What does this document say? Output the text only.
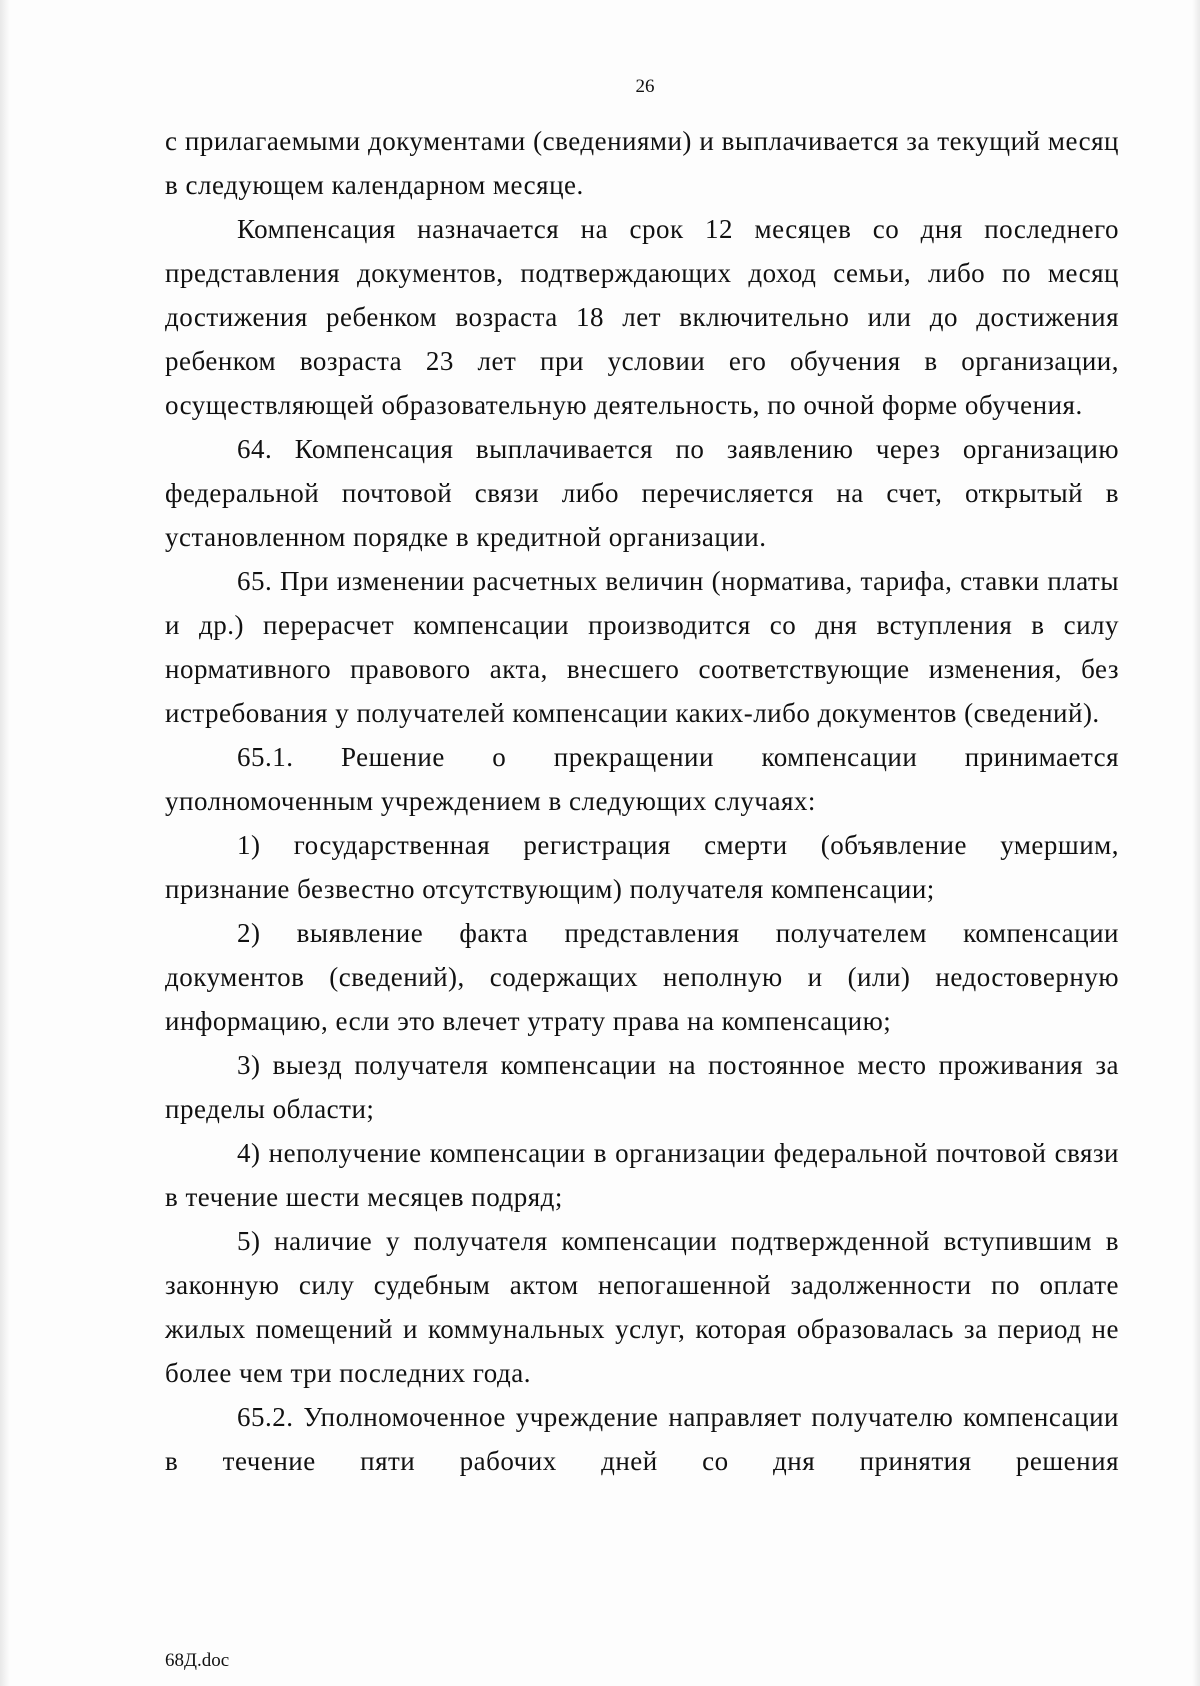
26

с прилагаемыми документами (сведениями) и выплачивается за текущий месяц в следующем календарном месяце.

Компенсация назначается на срок 12 месяцев со дня последнего представления документов, подтверждающих доход семьи, либо по месяц достижения ребенком возраста 18 лет включительно или до достижения ребенком возраста 23 лет при условии его обучения в организации, осуществляющей образовательную деятельность, по очной форме обучения.

64. Компенсация выплачивается по заявлению через организацию федеральной почтовой связи либо перечисляется на счет, открытый в установленном порядке в кредитной организации.

65. При изменении расчетных величин (норматива, тарифа, ставки платы и др.) перерасчет компенсации производится со дня вступления в силу нормативного правового акта, внесшего соответствующие изменения, без истребования у получателей компенсации каких-либо документов (сведений).

65.1. Решение о прекращении компенсации принимается уполномоченным учреждением в следующих случаях:

1) государственная регистрация смерти (объявление умершим, признание безвестно отсутствующим) получателя компенсации;

2) выявление факта представления получателем компенсации документов (сведений), содержащих неполную и (или) недостоверную информацию, если это влечет утрату права на компенсацию;

3) выезд получателя компенсации на постоянное место проживания за пределы области;

4) неполучение компенсации в организации федеральной почтовой связи в течение шести месяцев подряд;

5) наличие у получателя компенсации подтвержденной вступившим в законную силу судебным актом непогашенной задолженности по оплате жилых помещений и коммунальных услуг, которая образовалась за период не более чем три последних года.

65.2. Уполномоченное учреждение направляет получателю компенсации в течение пяти рабочих дней со дня принятия решения

68Д.doc
